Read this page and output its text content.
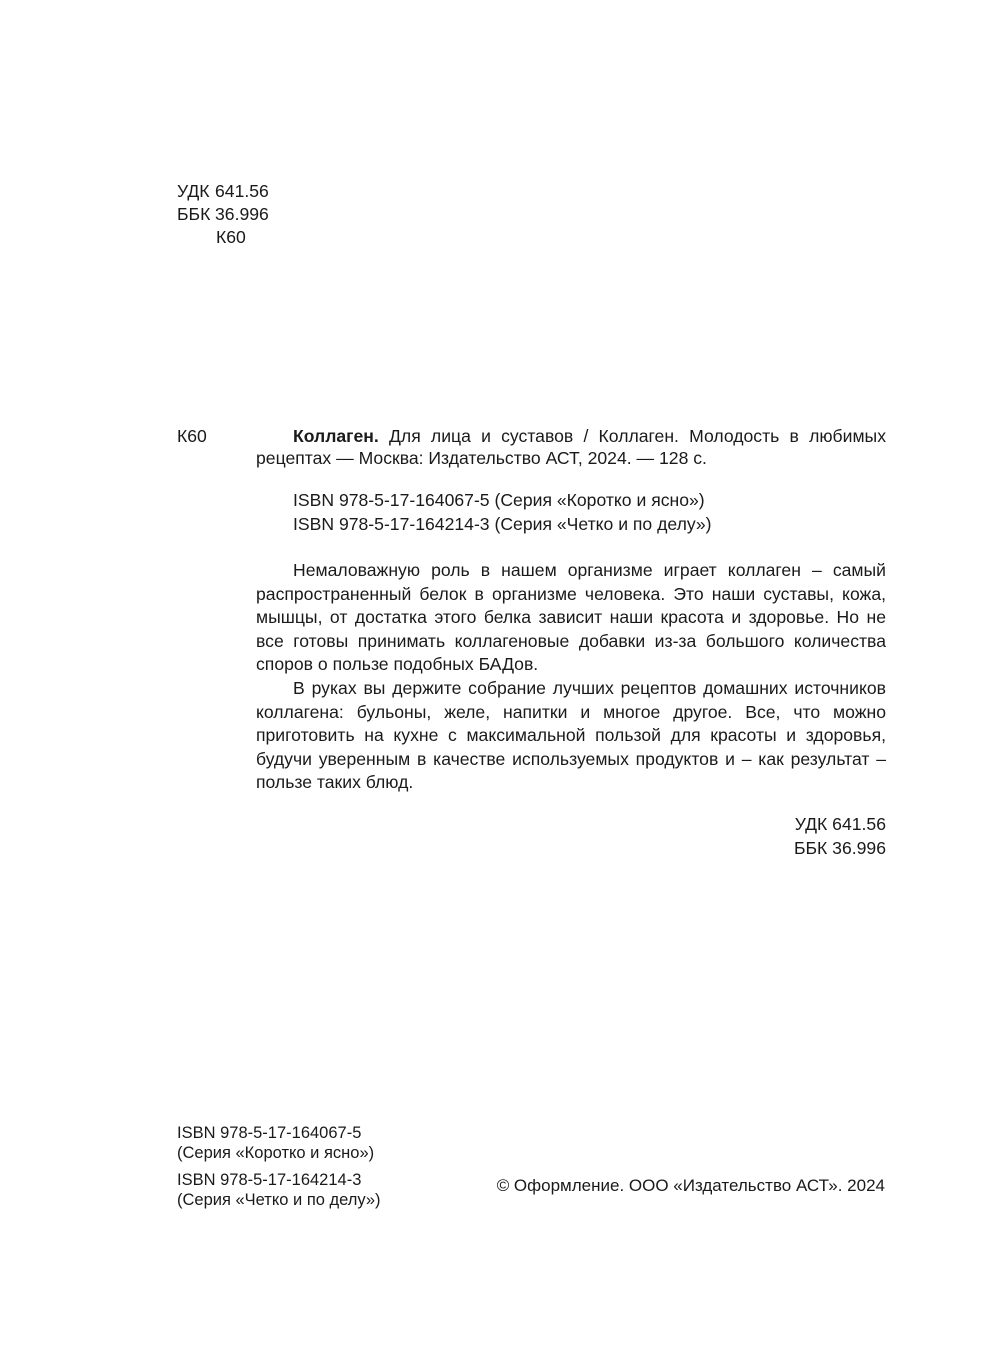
УДК 641.56
ББК 36.996
К60
К60	Коллаген. Для лица и суставов / Коллаген. Молодость в любимых рецептах — Москва: Издательство АСТ, 2024. — 128 с.

ISBN 978-5-17-164067-5 (Серия «Коротко и ясно»)
ISBN 978-5-17-164214-3 (Серия «Четко и по делу»)

Немаловажную роль в нашем организме играет коллаген – самый распространенный белок в организме человека. Это наши суставы, кожа, мышцы, от достатка этого белка зависит наши красота и здоровье. Но не все готовы принимать коллагеновые добавки из-за большого количества споров о пользе подобных БАДов.

В руках вы держите собрание лучших рецептов домашних источников коллагена: бульоны, желе, напитки и многое другое. Все, что можно приготовить на кухне с максимальной пользой для красоты и здоровья, будучи уверенным в качестве используемых продуктов и – как результат – пользе таких блюд.

УДК 641.56
ББК 36.996
ISBN 978-5-17-164067-5
(Серия «Коротко и ясно»)
ISBN 978-5-17-164214-3
(Серия «Четко и по делу»)
© Оформление. ООО «Издательство АСТ». 2024
